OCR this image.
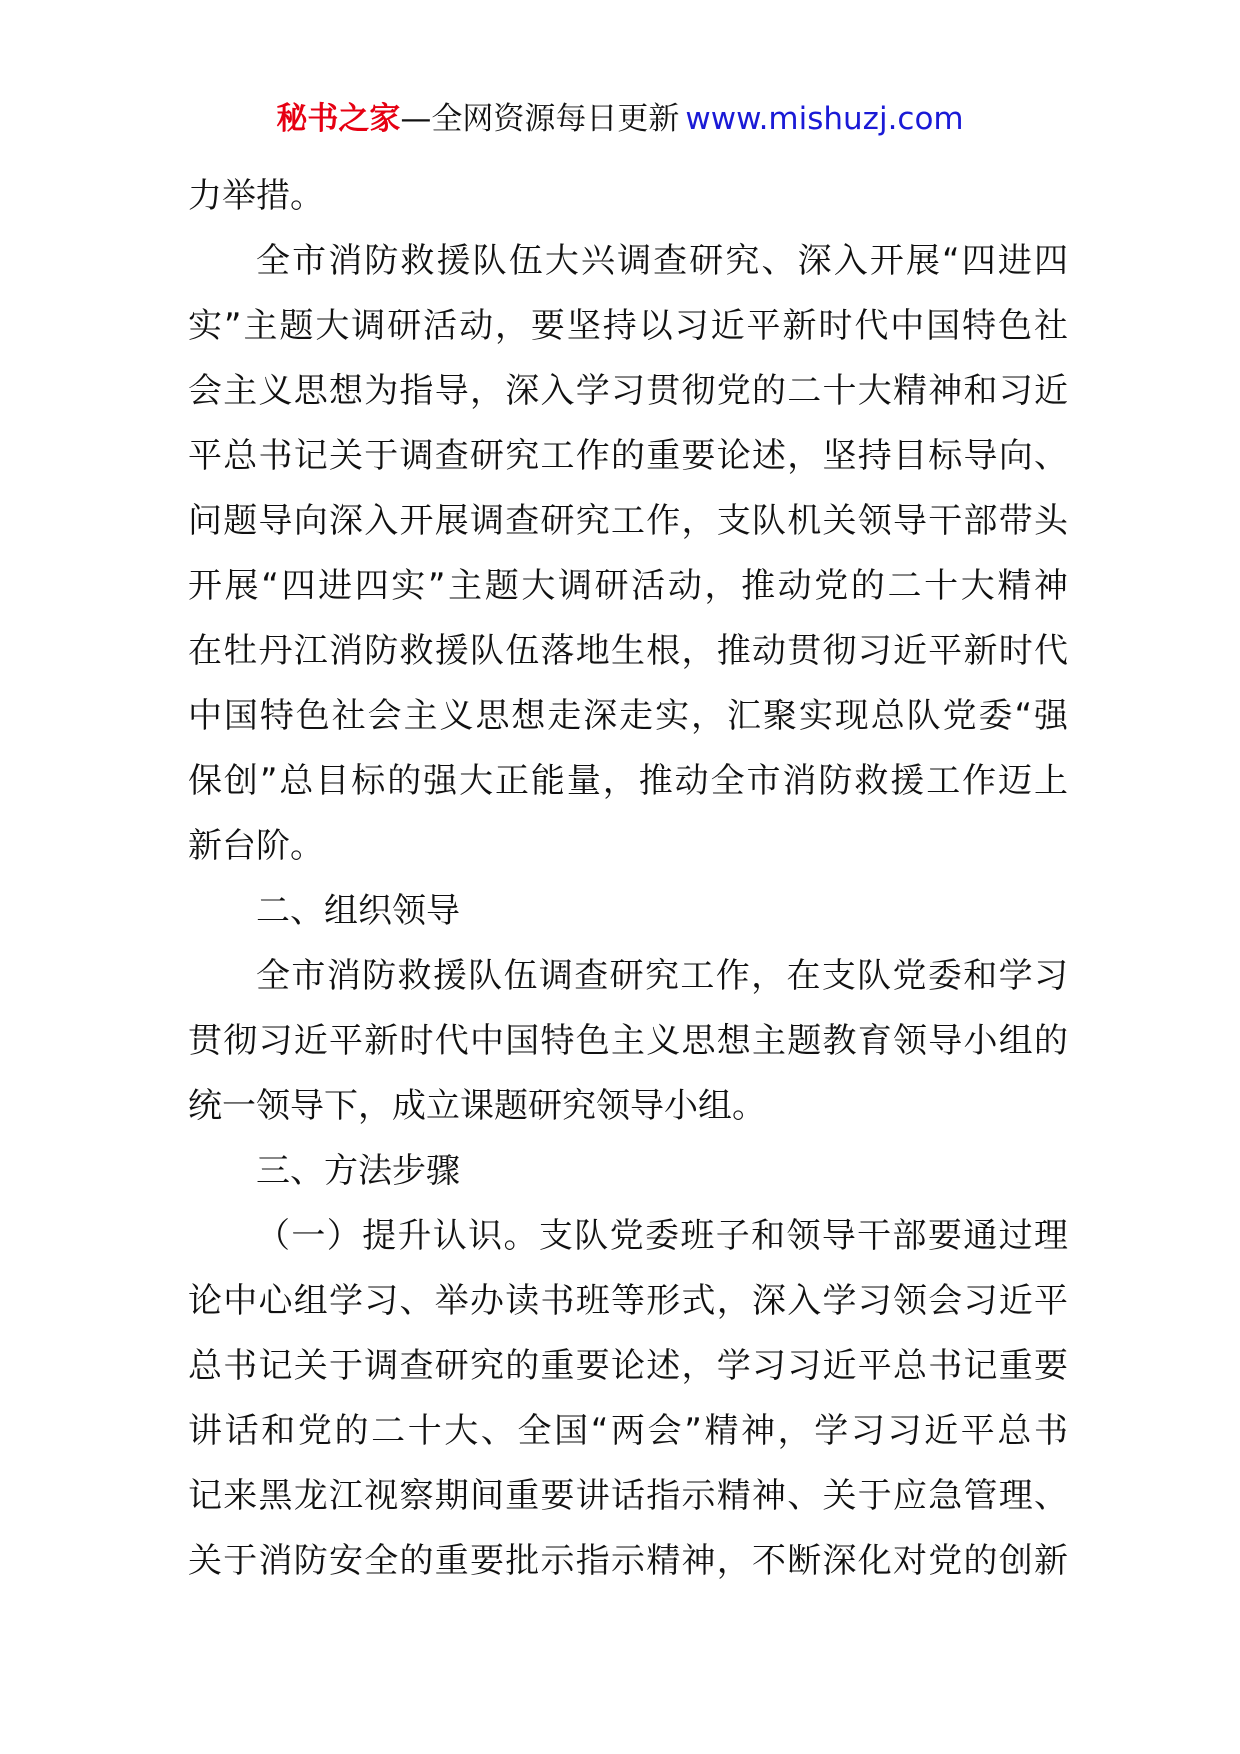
秘书之家—全网资源每日更新 www.mishuzj.com
力举措。
全市消防救援队伍大兴调查研究、深入开展“四进四
实”主题大调研活动，要坚持以习近平新时代中国特色社
会主义思想为指导，深入学习贯彻党的二十大精神和习近
平总书记关于调查研究工作的重要论述，坚持目标导向、
问题导向深入开展调查研究工作，支队机关领导干部带头
开展“四进四实”主题大调研活动，推动党的二十大精神
在牡丹江消防救援队伍落地生根，推动贯彻习近平新时代
中国特色社会主义思想走深走实，汇聚实现总队党委“强
保创”总目标的强大正能量，推动全市消防救援工作迈上
新台阶。
二、组织领导
全市消防救援队伍调查研究工作，在支队党委和学习
贯彻习近平新时代中国特色主义思想主题教育领导小组的
统一领导下，成立课题研究领导小组。
三、方法步骤
（一）提升认识。支队党委班子和领导干部要通过理
论中心组学习、举办读书班等形式，深入学习领会习近平
总书记关于调查研究的重要论述，学习习近平总书记重要
讲话和党的二十大、全国“两会”精神，学习习近平总书
记来黑龙江视察期间重要讲话指示精神、关于应急管理、
关于消防安全的重要批示指示精神，不断深化对党的创新
